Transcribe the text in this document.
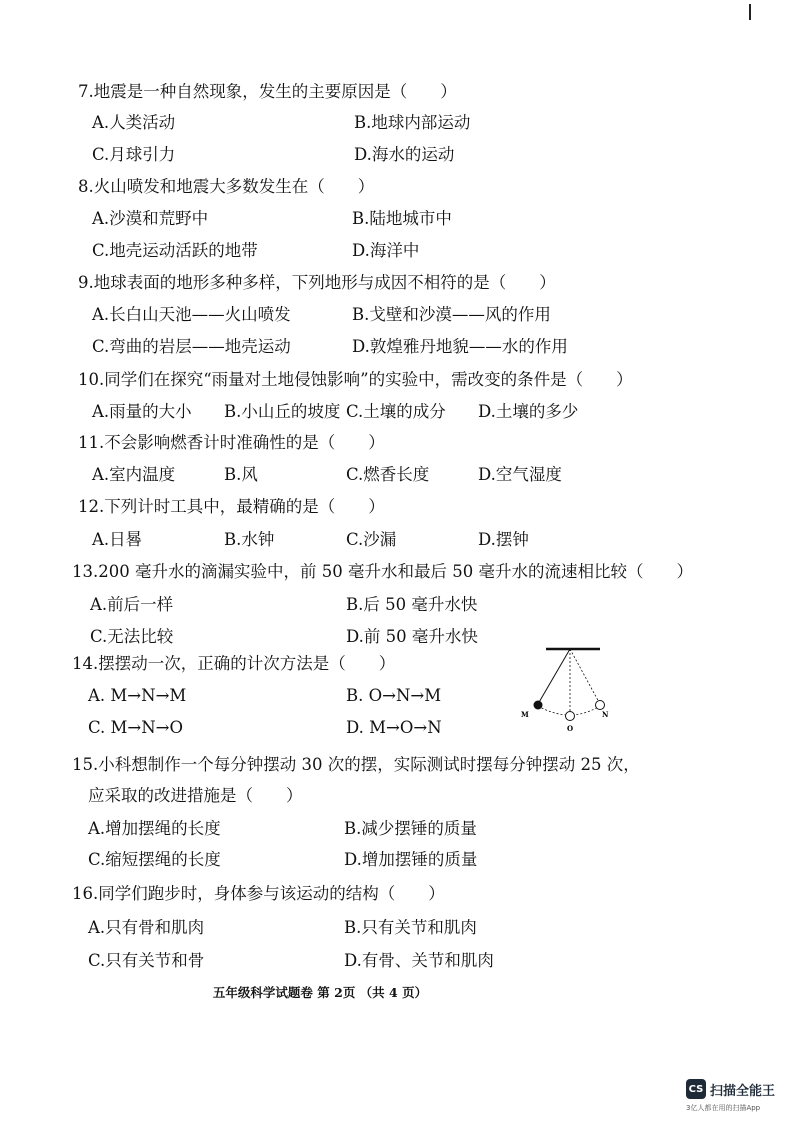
7.地震是一种自然现象，发生的主要原因是（　　）
A.人类活动	B.地球内部运动
C.月球引力	D.海水的运动
8.火山喷发和地震大多数发生在（　　）
A.沙漠和荒野中	B.陆地城市中
C.地壳运动活跃的地带	D.海洋中
9.地球表面的地形多种多样，下列地形与成因不相符的是（　　）
A.长白山天池——火山喷发	B.戈壁和沙漠——风的作用
C.弯曲的岩层——地壳运动	D.敦煌雅丹地貌——水的作用
10.同学们在探究“雨量对土地侵蚀影响”的实验中，需改变的条件是（　　）
A.雨量的大小 B.小山丘的坡度 C.土壤的成分 D.土壤的多少
11.不会影响燃香计时准确性的是（　　）
A.室内温度	B.风	C.燃香长度	D.空气湿度
12.下列计时工具中，最精确的是（　　）
A.日晷	B.水钟	C.沙漏	D.摆钟
13.200 毫升水的滴漏实验中，前 50 毫升水和最后 50 毫升水的流速相比较（　　）
A.前后一样	B.后 50 毫升水快
C.无法比较	D.前 50 毫升水快
14.摆摆动一次，正确的计次方法是（　　）
A. M→N→M	B. O→N→M
C. M→N→O	D. M→O→N
M
O
N
15.小科想制作一个每分钟摆动 30 次的摆，实际测试时摆每分钟摆动 25 次，
应采取的改进措施是（　　）
A.增加摆绳的长度	B.减少摆锤的质量
C.缩短摆绳的长度	D.增加摆锤的质量
16.同学们跑步时，身体参与该运动的结构（　　）
A.只有骨和肌肉	B.只有关节和肌肉
C.只有关节和骨	D.有骨、关节和肌肉
五年级科学试题卷 第 2页 （共 4 页）
CS 扫描全能王
3亿人都在用的扫描App
